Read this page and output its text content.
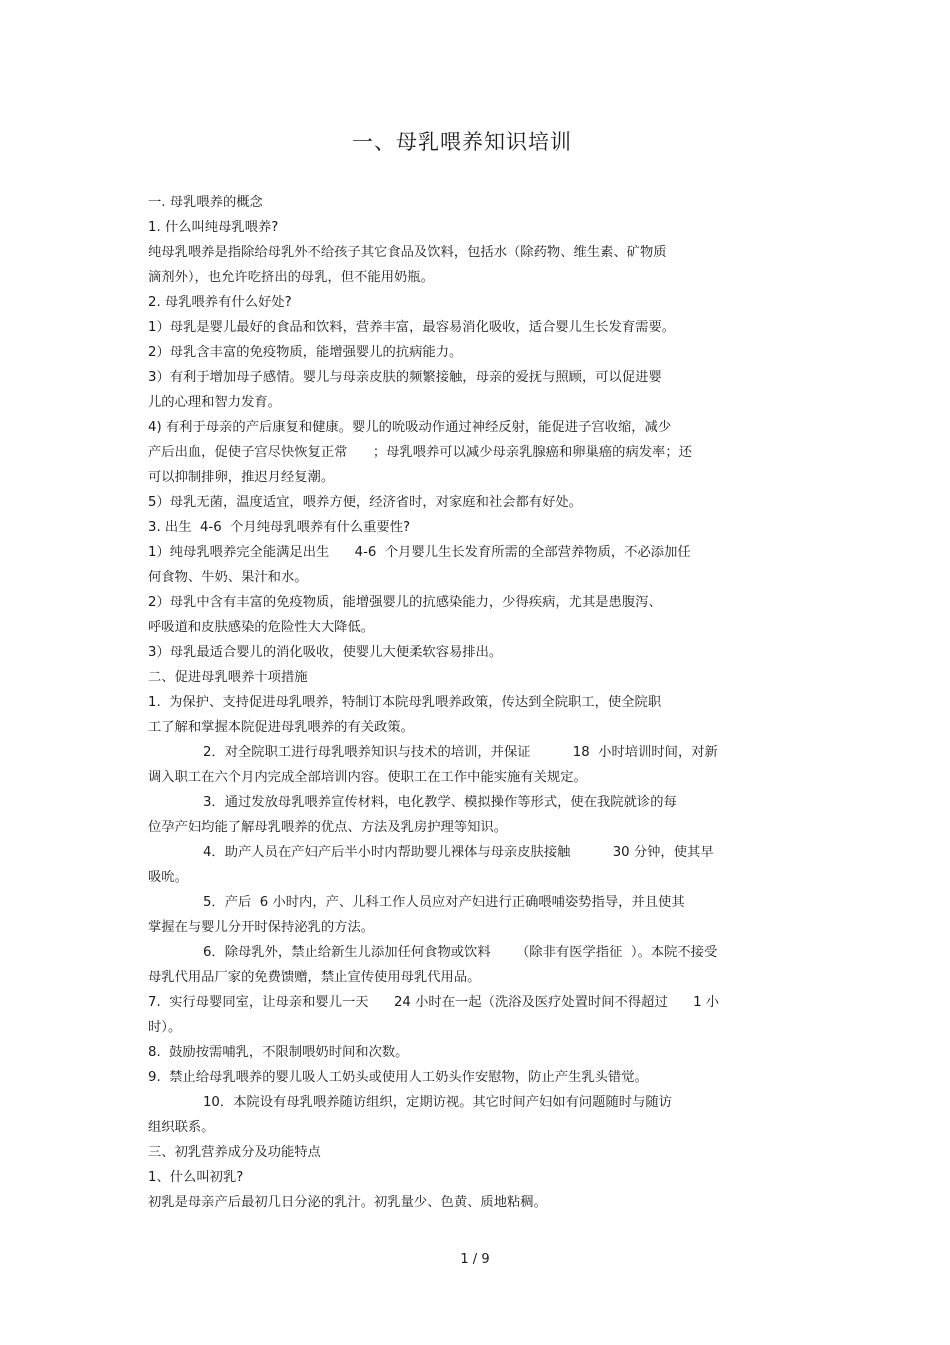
一、母乳喂养知识培训
一. 母乳喂养的概念
1. 什么叫纯母乳喂养?
纯母乳喂养是指除给母乳外不给孩子其它食品及饮料，包括水（除药物、维生素、矿物质
滴剂外），也允许吃挤出的母乳，但不能用奶瓶。
2. 母乳喂养有什么好处?
1）母乳是婴儿最好的食品和饮料，营养丰富，最容易消化吸收，适合婴儿生长发育需要。
2）母乳含丰富的免疫物质，能增强婴儿的抗病能力。
3）有利于增加母子感情。婴儿与母亲皮肤的频繁接触，母亲的爱抚与照顾，可以促进婴
儿的心理和智力发育。
4) 有利于母亲的产后康复和健康。婴儿的吮吸动作通过神经反射，能促进子宫收缩，减少
产后出血，促使子宫尽快恢复正常      ；母乳喂养可以减少母亲乳腺癌和卵巢癌的病发率；还
可以抑制排卵，推迟月经复潮。
5）母乳无菌，温度适宜，喂养方便，经济省时，对家庭和社会都有好处。
3. 出生  4-6  个月纯母乳喂养有什么重要性?
1）纯母乳喂养完全能满足出生      4-6  个月婴儿生长发育所需的全部营养物质，不必添加任
何食物、牛奶、果汁和水。
2）母乳中含有丰富的免疫物质，能增强婴儿的抗感染能力，少得疾病，尤其是患腹泻、
呼吸道和皮肤感染的危险性大大降低。
3）母乳最适合婴儿的消化吸收，使婴儿大便柔软容易排出。
二、促进母乳喂养十项措施
1.  为保护、支持促进母乳喂养，特制订本院母乳喂养政策，传达到全院职工，使全院职
工了解和掌握本院促进母乳喂养的有关政策。
2．对全院职工进行母乳喂养知识与技术的培训，并保证          18  小时培训时间，对新
调入职工在六个月内完成全部培训内容。使职工在工作中能实施有关规定。
3．通过发放母乳喂养宣传材料，电化教学、模拟操作等形式，使在我院就诊的每
位孕产妇均能了解母乳喂养的优点、方法及乳房护理等知识。
4．助产人员在产妇产后半小时内帮助婴儿裸体与母亲皮肤接触          30 分钟，使其早
吸吮。
5．产后  6 小时内，产、儿科工作人员应对产妇进行正确喂哺姿势指导，并且使其
掌握在与婴儿分开时保持泌乳的方法。
6．除母乳外，禁止给新生儿添加任何食物或饮料      （除非有医学指征  ）。本院不接受
母乳代用品厂家的免费馈赠，禁止宣传使用母乳代用品。
7.  实行母婴同室，让母亲和婴儿一天      24 小时在一起（洗浴及医疗处置时间不得超过      1 小
时）。
8.  鼓励按需哺乳，不限制喂奶时间和次数。
9.  禁止给母乳喂养的婴儿吸人工奶头或使用人工奶头作安慰物，防止产生乳头错觉。
10．本院设有母乳喂养随访组织，定期访视。其它时间产妇如有问题随时与随访
组织联系。
三、初乳营养成分及功能特点
1、什么叫初乳?
初乳是母亲产后最初几日分泌的乳汁。初乳量少、色黄、质地粘稠。
1 / 9
